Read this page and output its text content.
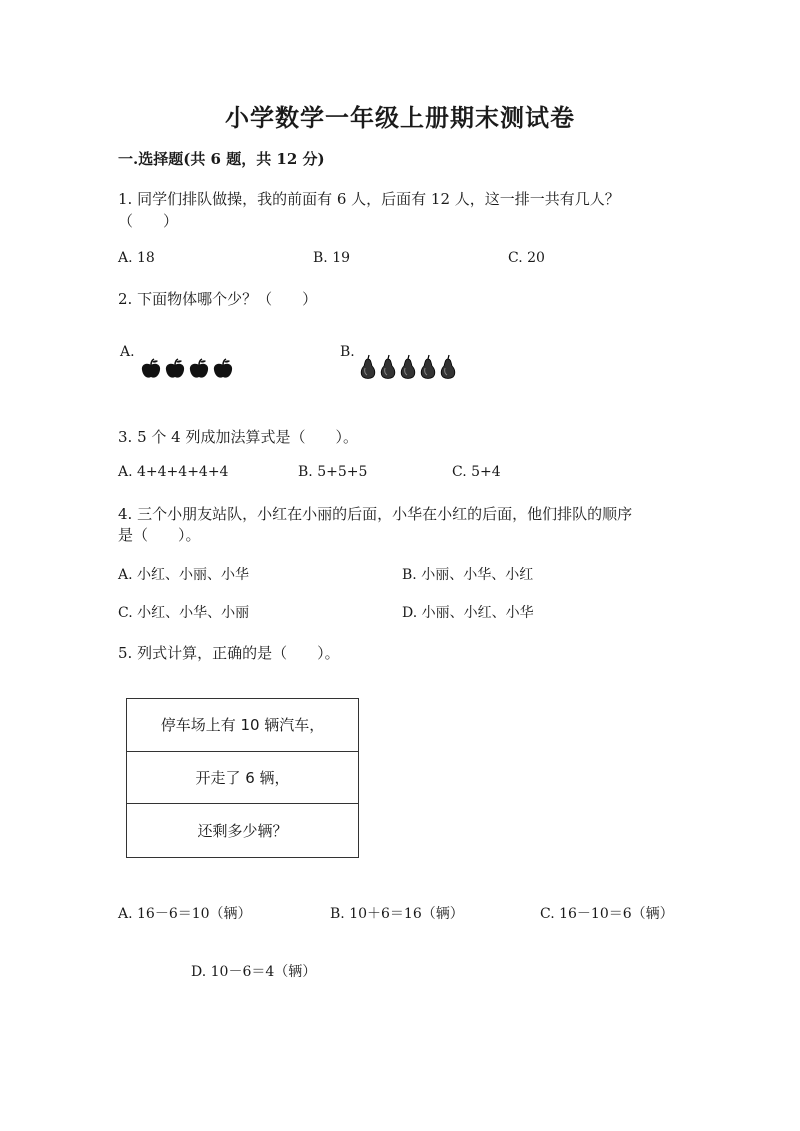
小学数学一年级上册期末测试卷
一.选择题(共 6 题，共 12 分)
1. 同学们排队做操，我的前面有 6 人，后面有 12 人，这一排一共有几人？
（　　）
A. 18	B. 19	C. 20
2. 下面物体哪个少？（　　）
A.	B.
3. 5 个 4 列成加法算式是（　　）。
A. 4+4+4+4+4	B. 5+5+5	C. 5+4
4. 三个小朋友站队，小红在小丽的后面，小华在小红的后面，他们排队的顺序
是（　　）。
A. 小红、小丽、小华	B. 小丽、小华、小红
C. 小红、小华、小丽	D. 小丽、小红、小华
5. 列式计算，正确的是（　　）。
停车场上有 10 辆汽车，
开走了 6 辆，
还剩多少辆？
A. 16－6＝10（辆）	B. 10＋6＝16（辆）	C. 16－10＝6（辆）
D. 10－6＝4（辆）
